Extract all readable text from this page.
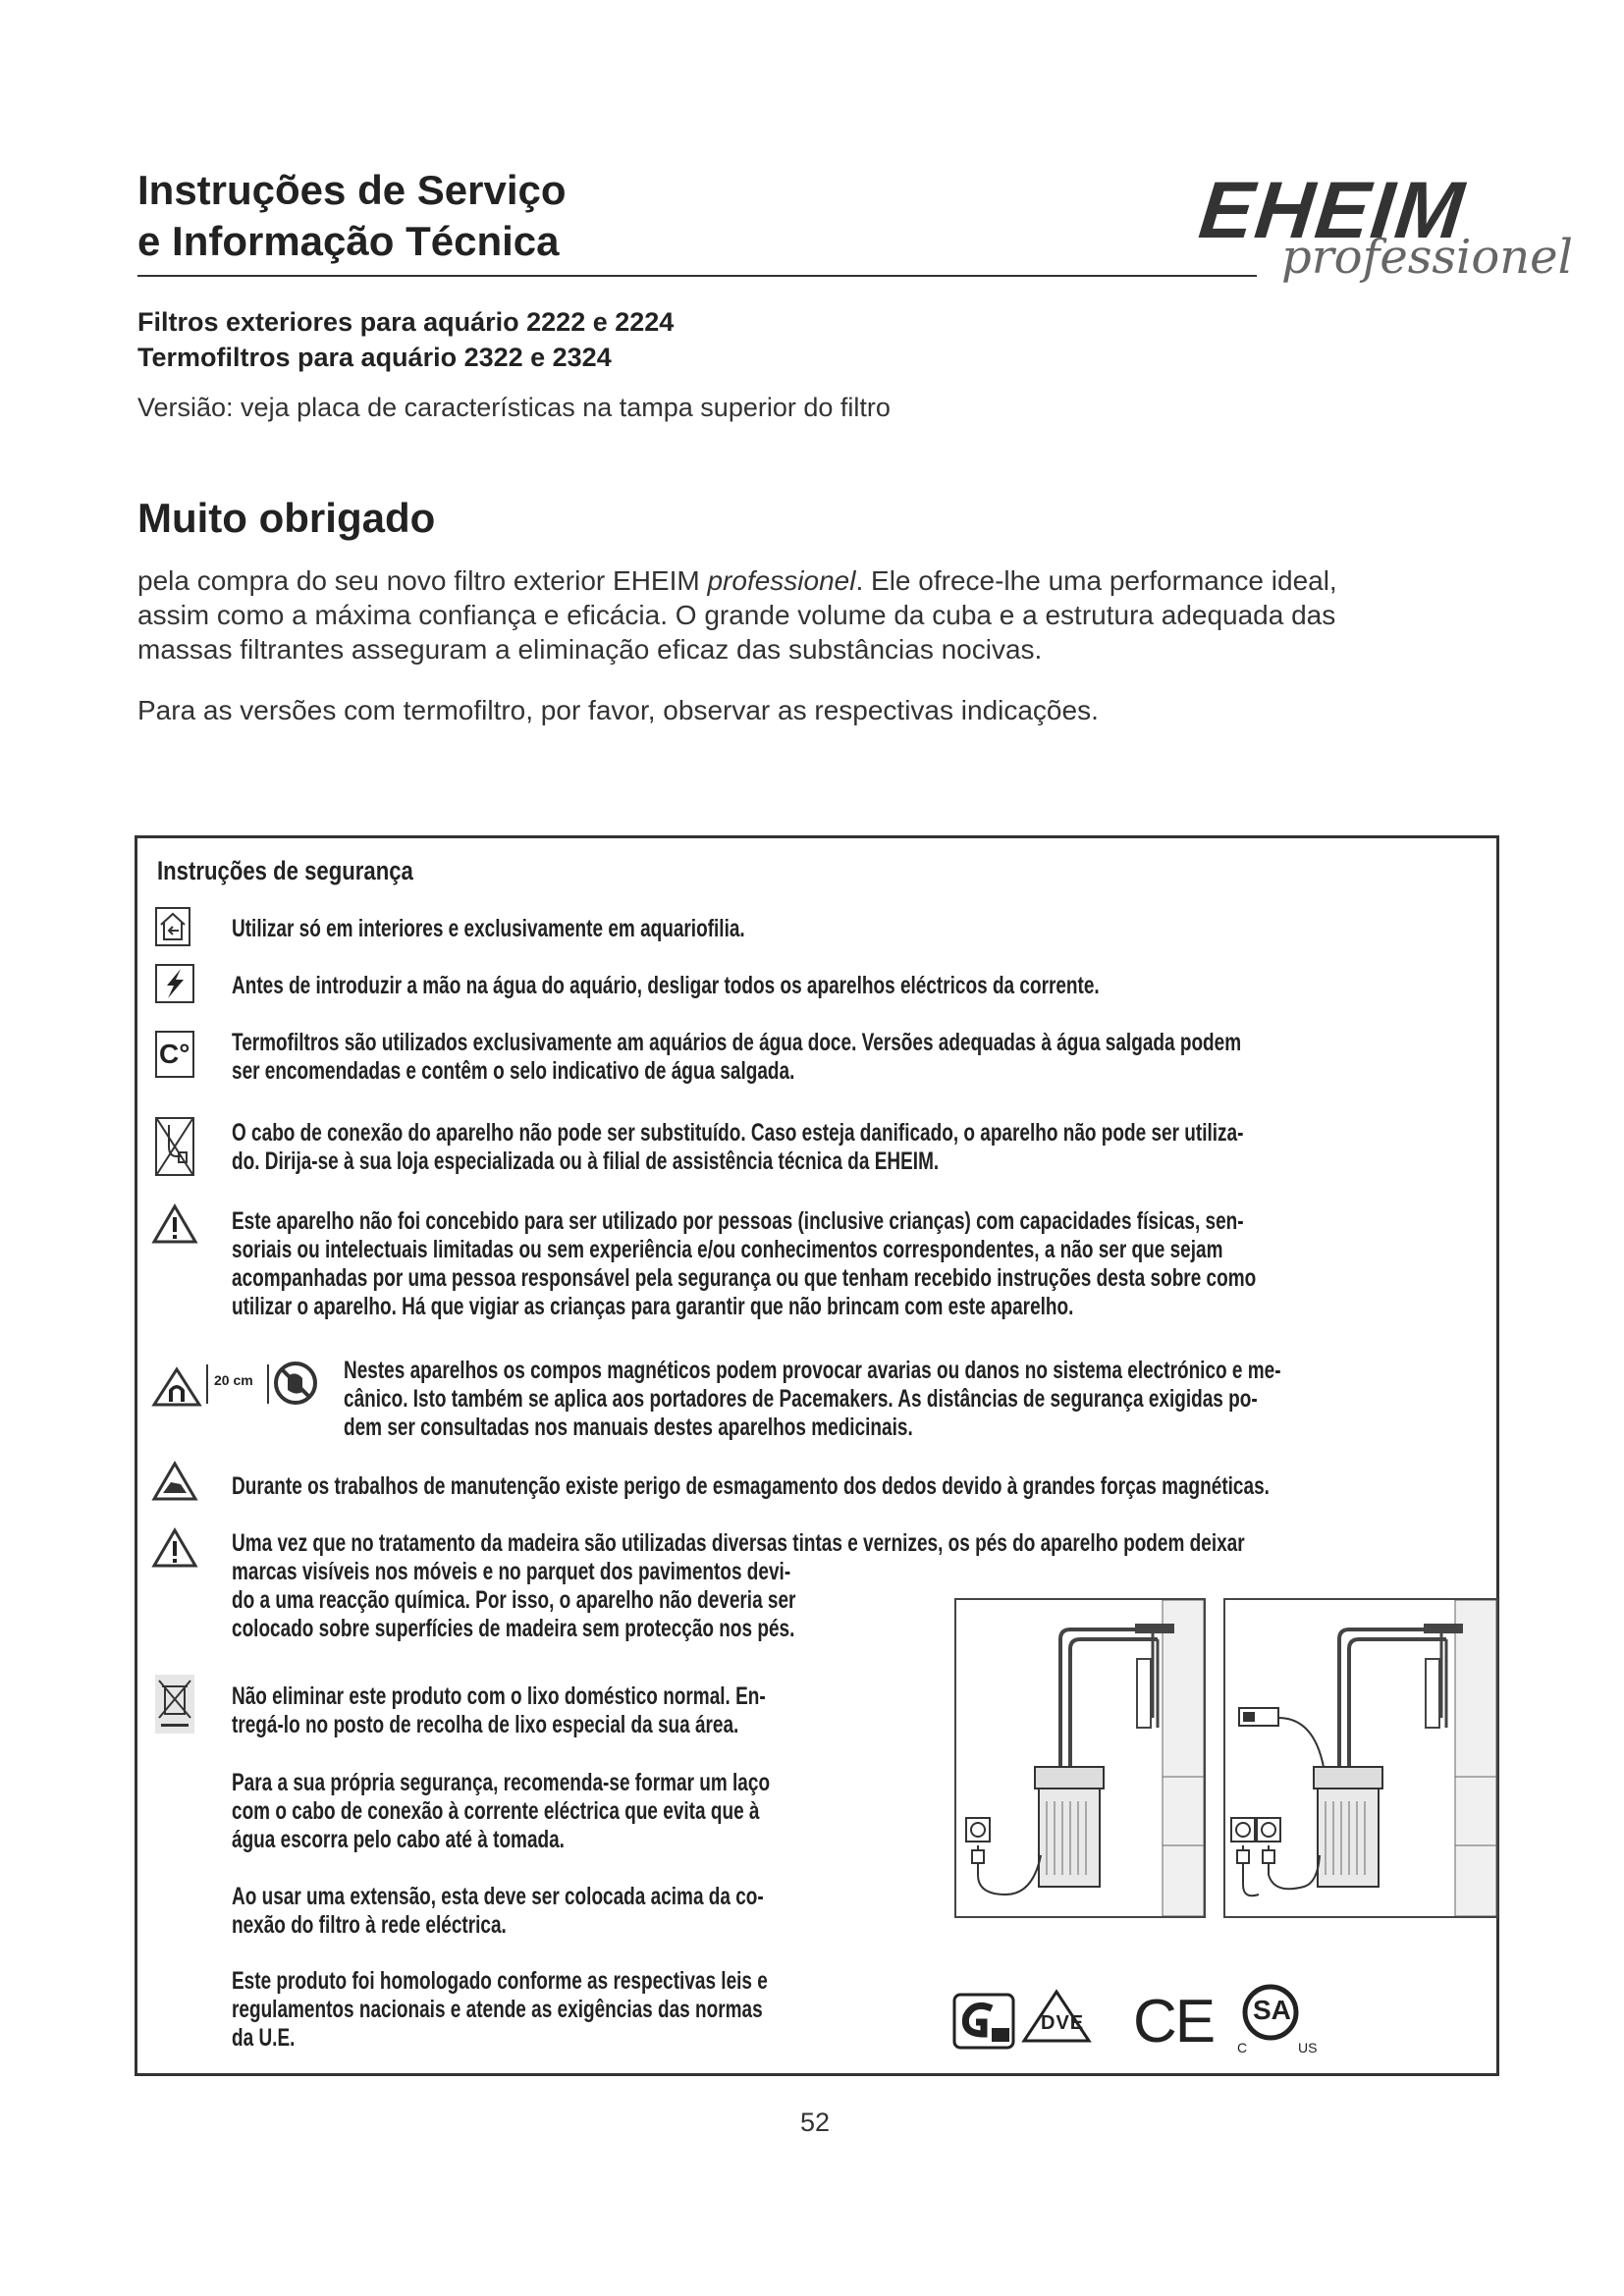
Instruções de Serviço
e Informação Técnica	EHEIM
professionel
Filtros exteriores para aquário 2222 e 2224
Termofiltros para aquário 2322 e 2324
Versião: veja placa de características na tampa superior do filtro
Muito obrigado
pela compra do seu novo filtro exterior EHEIM professionel. Ele ofrece-lhe uma performance ideal,
assim como a máxima confiança e eficácia. O grande volume da cuba e a estrutura adequada das
massas filtrantes asseguram a eliminação eficaz das substâncias nocivas.
Para as versões com termofiltro, por favor, observar as respectivas indicações.
Instruções de segurança
Utilizar só em interiores e exclusivamente em aquariofilia.
Antes de introduzir a mão na água do aquário, desligar todos os aparelhos eléctricos da corrente.
C° Termofiltros são utilizados exclusivamente am aquários de água doce. Versões adequadas à água salgada podem
ser encomendadas e contêm o selo indicativo de água salgada.
O cabo de conexão do aparelho não pode ser substituído. Caso esteja danificado, o aparelho não pode ser utiliza-
do. Dirija-se à sua loja especializada ou à filial de assistência técnica da EHEIM.
Este aparelho não foi concebido para ser utilizado por pessoas (inclusive crianças) com capacidades físicas, sen-
soriais ou intelectuais limitadas ou sem experiência e/ou conhecimentos correspondentes, a não ser que sejam
acompanhadas por uma pessoa responsável pela segurança ou que tenham recebido instruções desta sobre como
utilizar o aparelho. Há que vigiar as crianças para garantir que não brincam com este aparelho.
20 cm	Nestes aparelhos os compos magnéticos podem provocar avarias ou danos no sistema electrónico e me-
cânico. Isto também se aplica aos portadores de Pacemakers. As distâncias de segurança exigidas po-
dem ser consultadas nos manuais destes aparelhos medicinais.
Durante os trabalhos de manutenção existe perigo de esmagamento dos dedos devido à grandes forças magnéticas.
Uma vez que no tratamento da madeira são utilizadas diversas tintas e vernizes, os pés do aparelho podem deixar
marcas visíveis nos móveis e no parquet dos pavimentos devi-
do a uma reacção química. Por isso, o aparelho não deveria ser
colocado sobre superfícies de madeira sem protecção nos pés.
Não eliminar este produto com o lixo doméstico normal. En-
tregá-lo no posto de recolha de lixo especial da sua área.
Para a sua própria segurança, recomenda-se formar um laço
com o cabo de conexão à corrente eléctrica que evita que à
água escorra pelo cabo até à tomada.
Ao usar uma extensão, esta deve ser colocada acima da co-
nexão do filtro à rede eléctrica.
Este produto foi homologado conforme as respectivas leis e
regulamentos nacionais e atende as exigências das normas
da U.E.
DVE CE SA
C	US
52
